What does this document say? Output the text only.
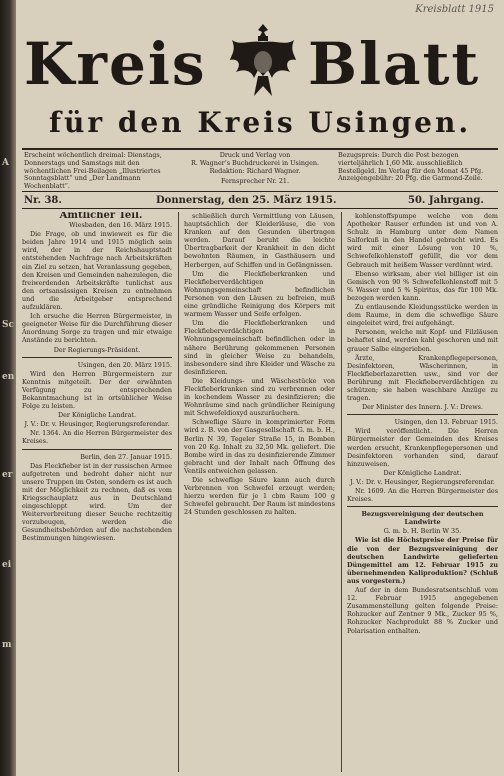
A
Sc
en
er
ei
m
Kreisblatt 1915
Kreis Blatt
für den Kreis Usingen.
Erscheint wöchentlich dreimal: Dienstags, Donnerstags und Samstags mit den wöchentlichen Frei-Beilagen „Illustriertes Sonntagsblatt“ und „Der Landmann Wochenblatt“.
Druck und Verlag von
R. Wagner’s Buchdruckerei in Usingen.
Redaktion: Richard Wagner.
Fernsprecher Nr. 21.
Bezugspreis: Durch die Post bezogen vierteljährlich 1,60 Mk. ausschließlich Bestellgeld. Im Verlag für den Monat 45 Pfg. Anzeigengebühr: 20 Pfg. die Garmond-Zeile.
Nr. 38.	Donnerstag, den 25. März 1915.	50. Jahrgang.

Amtlicher Teil.

Wiesbaden, den 16. März 1915.

Die Frage, ob und inwieweit es für die beiden Jahre 1914 und 1915 möglich sein wird, der in der Reichshauptstadt entstehenden Nachfrage nach Arbeitskräften ein Ziel zu setzen, hat Veranlassung gegeben, den Kreisen und Gemeinden nahezulegen, die freiwerdenden Arbeitskräfte tunlichst aus den ortsansässigen Kreisen zu entnehmen und die Arbeitgeber entsprechend aufzuklären.

Ich ersuche die Herren Bürgermeister, in geeigneter Weise für die Durchführung dieser Anordnung Sorge zu tragen und mir etwaige Anstände zu berichten.

Der Regierungs-Präsident.

Usingen, den 20. März 1915.

Wird den Herren Bürgermeistern zur Kenntnis mitgeteilt. Der der erwähnten Verfügung zu entsprechenden Bekanntmachung ist in ortsüblicher Weise Folge zu leisten.

Der Königliche Landrat.

J. V.: Dr. v. Heusinger, Regierungsreferendar.

Nr. 1364. An die Herren Bürgermeister des Kreises.

Berlin, den 27. Januar 1915.

Das Fleckfieber ist in der russischen Armee aufgetreten und bedroht daher nicht nur unsere Truppen im Osten, sondern es ist auch mit der Möglichkeit zu rechnen, daß es vom Kriegsschauplatz aus in Deutschland eingeschleppt wird. Um der Weiterverbreitung dieser Seuche rechtzeitig vorzubeugen, werden die Gesundheitsbehörden auf die nachstehenden Bestimmungen hingewiesen.

schließlich durch Vermittlung von Läusen, hauptsächlich der Kleiderläuse, die von Kranken auf den Gesunden übertragen werden. Darauf beruht die leichte Übertragbarkeit der Krankheit in den dicht bewohnten Räumen, in Gasthäusern und Herbergen, auf Schiffen und in Gefängnissen.

Um die Fleckfieberkranken und Fleckfieberverdächtigen in Wohnungsgemeinschaft befindlichen Personen von den Läusen zu befreien, muß eine gründliche Reinigung des Körpers mit warmem Wasser und Seife erfolgen.

Um die Fleckfieberkranken und Fleckfieberverdächtigen in Wohnungsgemeinschaft befindlichen oder in nähere Berührung gekommenen Personen sind in gleicher Weise zu behandeln, insbesondere sind ihre Kleider und Wäsche zu desinfizieren.

Die Kleidungs- und Wäschestücke von Fleckfieberkranken sind zu verbrennen oder in kochendem Wasser zu desinfizieren; die Wohnräume sind nach gründlicher Reinigung mit Schwefeldioxyd auszuräuchern.

Schweflige Säure in komprimierter Form wird z. B. von der Gasgesellschaft G. m. b. H., Berlin N 39, Tegeler Straße 15, in Bomben von 20 Kg. Inhalt zu 32,50 Mk. geliefert. Die Bombe wird in das zu desinfizierende Zimmer gebracht und der Inhalt nach Öffnung des Ventils entweichen gelassen.

Die schweflige Säure kann auch durch Verbrennen von Schwefel erzeugt werden; hierzu werden für je 1 cbm Raum 100 g Schwefel gebraucht. Der Raum ist mindestens 24 Stunden geschlossen zu halten.

kohlenstoffspumpe welche von dem Apotheker Rauser erfunden ist und von A. Schulz in Hamburg unter dem Namen Salforkuß in den Handel gebracht wird. Es wird mit einer Lösung von 10 %, Schwefelkohlenstoff gefüllt, die vor dem Gebrauch mit heißem Wasser verdünnt wird.

Ebenso wirksam, aber viel billiger ist ein Gemisch von 90 % Schwefelkohlenstoff mit 5 % Wasser und 5 % Spiritus, das für 100 Mk. bezogen werden kann.

Zu entlausende Kleidungsstücke werden in dem Raume, in dem die schweflige Säure eingeleitet wird, frei aufgehängt.

Personen, welche mit Kopf- und Filzläusen behaftet sind, werden kahl geschoren und mit grauer Salbe eingerieben.

Ärzte, Krankenpflegepersonen, Desinfektoren, Wäscherinnen, in Fleckfieberlazaretten usw., sind vor der Berührung mit Fleckfieberverdächtigen zu schützen; sie haben waschbare Anzüge zu tragen.

Der Minister des Innern. J. V.: Drews.

Usingen, den 13. Februar 1915.

Wird veröffentlicht. Die Herren Bürgermeister der Gemeinden des Kreises werden ersucht, Krankenpflegepersonen und Desinfektoren vorhanden sind, darauf hinzuweisen.

Der Königliche Landrat.

J. V.: Dr. v. Heusinger, Regierungsreferendar.

Nr. 1609. An die Herren Bürgermeister des Kreises.

Bezugsvereinigung der deutschen Landwirte

G. m. b. H. Berlin W 35.

Wie ist die Höchstpreise der Preise für die von der Bezugsvereinigung der deutschen Landwirte gelieferten Düngemittel am 12. Februar 1915 zu übernehmenden Kaliproduktion? (Schluß aus vorgestern.)

Auf der in dem Bundesratsentschluß vom 12. Februar 1915 angegebenen Zusammenstellung gelten folgende Preise: Rohzucker auf Zentner 9 Mk., Zucker 95 %, Rohzucker Nachprodukt 88 % Zucker und Polarisation enthalten.
